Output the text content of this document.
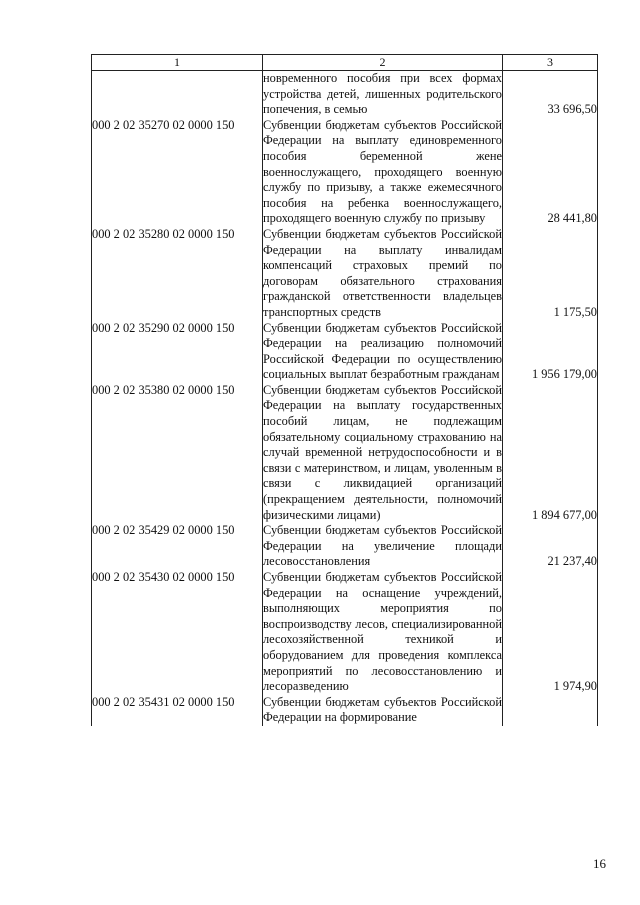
1	2	3
	новременного пособия при всех формах устройства детей, лишенных родительского попечения, в семью	33 696,50
000 2 02 35270 02 0000 150	Субвенции бюджетам субъектов Российской Федерации на выплату единовременного пособия беременной жене военнослужащего, проходящего военную службу по призыву, а также ежемесячного пособия на ребенка военнослужащего, проходящего военную службу по призыву	28 441,80
000 2 02 35280 02 0000 150	Субвенции бюджетам субъектов Российской Федерации на выплату инвалидам компенсаций страховых премий по договорам обязательного страхования гражданской ответственности владельцев транспортных средств	1 175,50
000 2 02 35290 02 0000 150	Субвенции бюджетам субъектов Российской Федерации на реализацию полномочий Российской Федерации по осуществлению социальных выплат безработным гражданам	1 956 179,00
000 2 02 35380 02 0000 150	Субвенции бюджетам субъектов Российской Федерации на выплату государственных пособий лицам, не подлежащим обязательному социальному страхованию на случай временной нетрудоспособности и в связи с материнством, и лицам, уволенным в связи с ликвидацией организаций (прекращением деятельности, полномочий физическими лицами)	1 894 677,00
000 2 02 35429 02 0000 150	Субвенции бюджетам субъектов Российской Федерации на увеличение площади лесовосстановления	21 237,40
000 2 02 35430 02 0000 150	Субвенции бюджетам субъектов Российской Федерации на оснащение учреждений, выполняющих мероприятия по воспроизводству лесов, специализированной лесохозяйственной техникой и оборудованием для проведения комплекса мероприятий по лесовосстановлению и лесоразведению	1 974,90
000 2 02 35431 02 0000 150	Субвенции бюджетам субъектов Российской Федерации на формирование	
16
